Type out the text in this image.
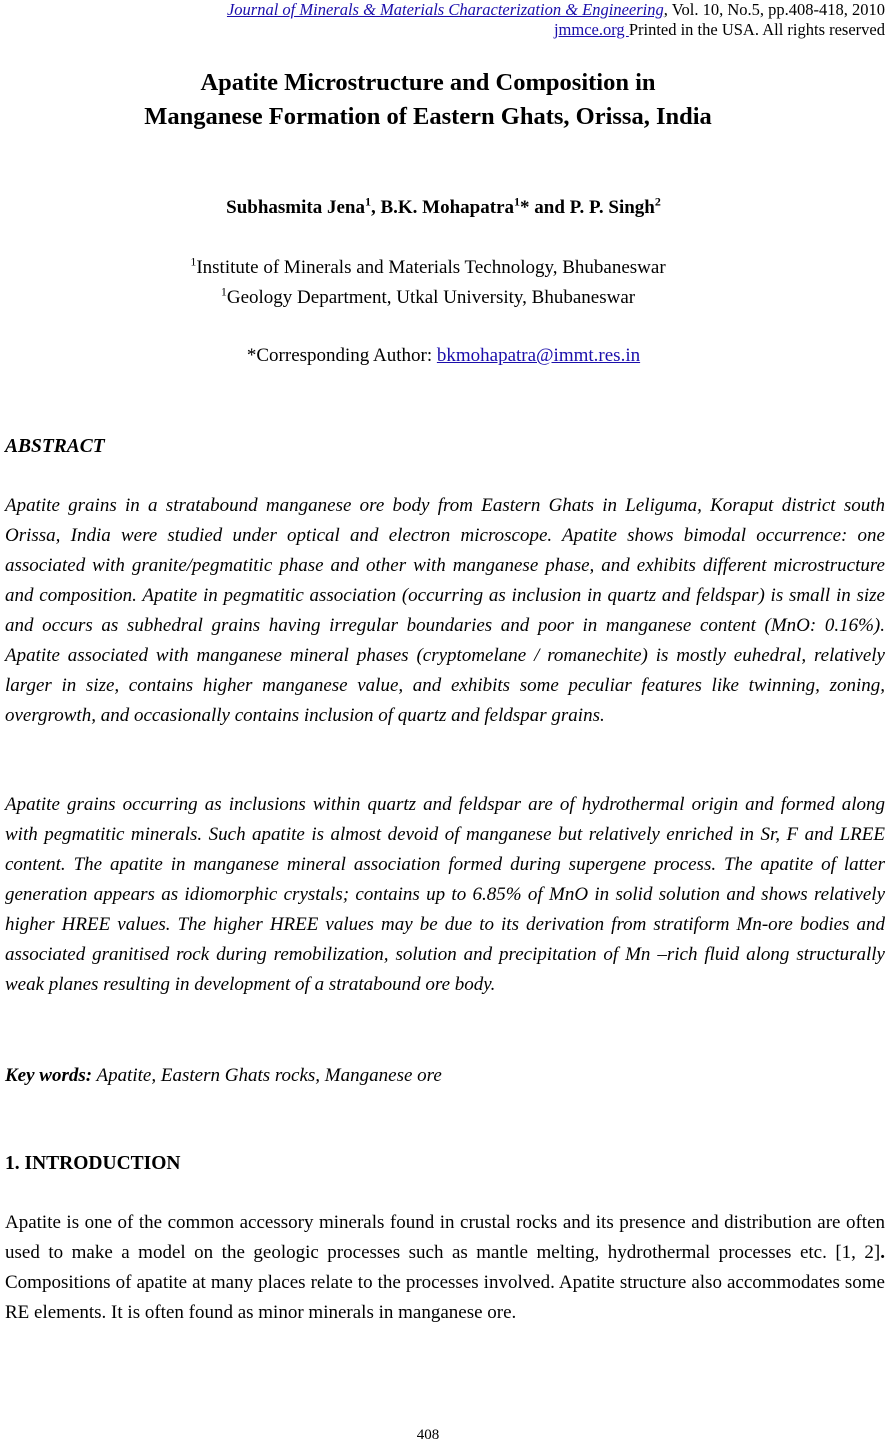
Journal of Minerals & Materials Characterization & Engineering, Vol. 10, No.5, pp.408-418, 2010
jmmce.org Printed in the USA. All rights reserved
Apatite Microstructure and Composition in
Manganese Formation of Eastern Ghats, Orissa, India
Subhasmita Jena$^1$, B.K. Mohapatra$^1$* and P. P. Singh$^2$
$^1$Institute of Minerals and Materials Technology, Bhubaneswar
$^1$Geology Department, Utkal University, Bhubaneswar
*Corresponding Author: bkmohapatra@immt.res.in
ABSTRACT
Apatite grains in a stratabound manganese ore body from Eastern Ghats in Leliguma, Koraput district south Orissa, India were studied under optical and electron microscope. Apatite shows bimodal occurrence: one associated with granite/pegmatitic phase and other with manganese phase, and exhibits different microstructure and composition. Apatite in pegmatitic association (occurring as inclusion in quartz and feldspar) is small in size and occurs as subhedral grains having irregular boundaries and poor in manganese content (MnO: 0.16%). Apatite associated with manganese mineral phases (cryptomelane / romanechite) is mostly euhedral, relatively larger in size, contains higher manganese value, and exhibits some peculiar features like twinning, zoning, overgrowth, and occasionally contains inclusion of quartz and feldspar grains.
Apatite grains occurring as inclusions within quartz and feldspar are of hydrothermal origin and formed along with pegmatitic minerals. Such apatite is almost devoid of manganese but relatively enriched in Sr, F and LREE content. The apatite in manganese mineral association formed during supergene process. The apatite of latter generation appears as idiomorphic crystals; contains up to 6.85% of MnO in solid solution and shows relatively higher HREE values. The higher HREE values may be due to its derivation from stratiform Mn-ore bodies and associated granitised rock during remobilization, solution and precipitation of Mn –rich fluid along structurally weak planes resulting in development of a stratabound ore body.
Key words: Apatite, Eastern Ghats rocks, Manganese ore
1. INTRODUCTION
Apatite is one of the common accessory minerals found in crustal rocks and its presence and distribution are often used to make a model on the geologic processes such as mantle melting, hydrothermal processes etc. [1, 2]. Compositions of apatite at many places relate to the processes involved. Apatite structure also accommodates some RE elements. It is often found as minor minerals in manganese ore.
408
